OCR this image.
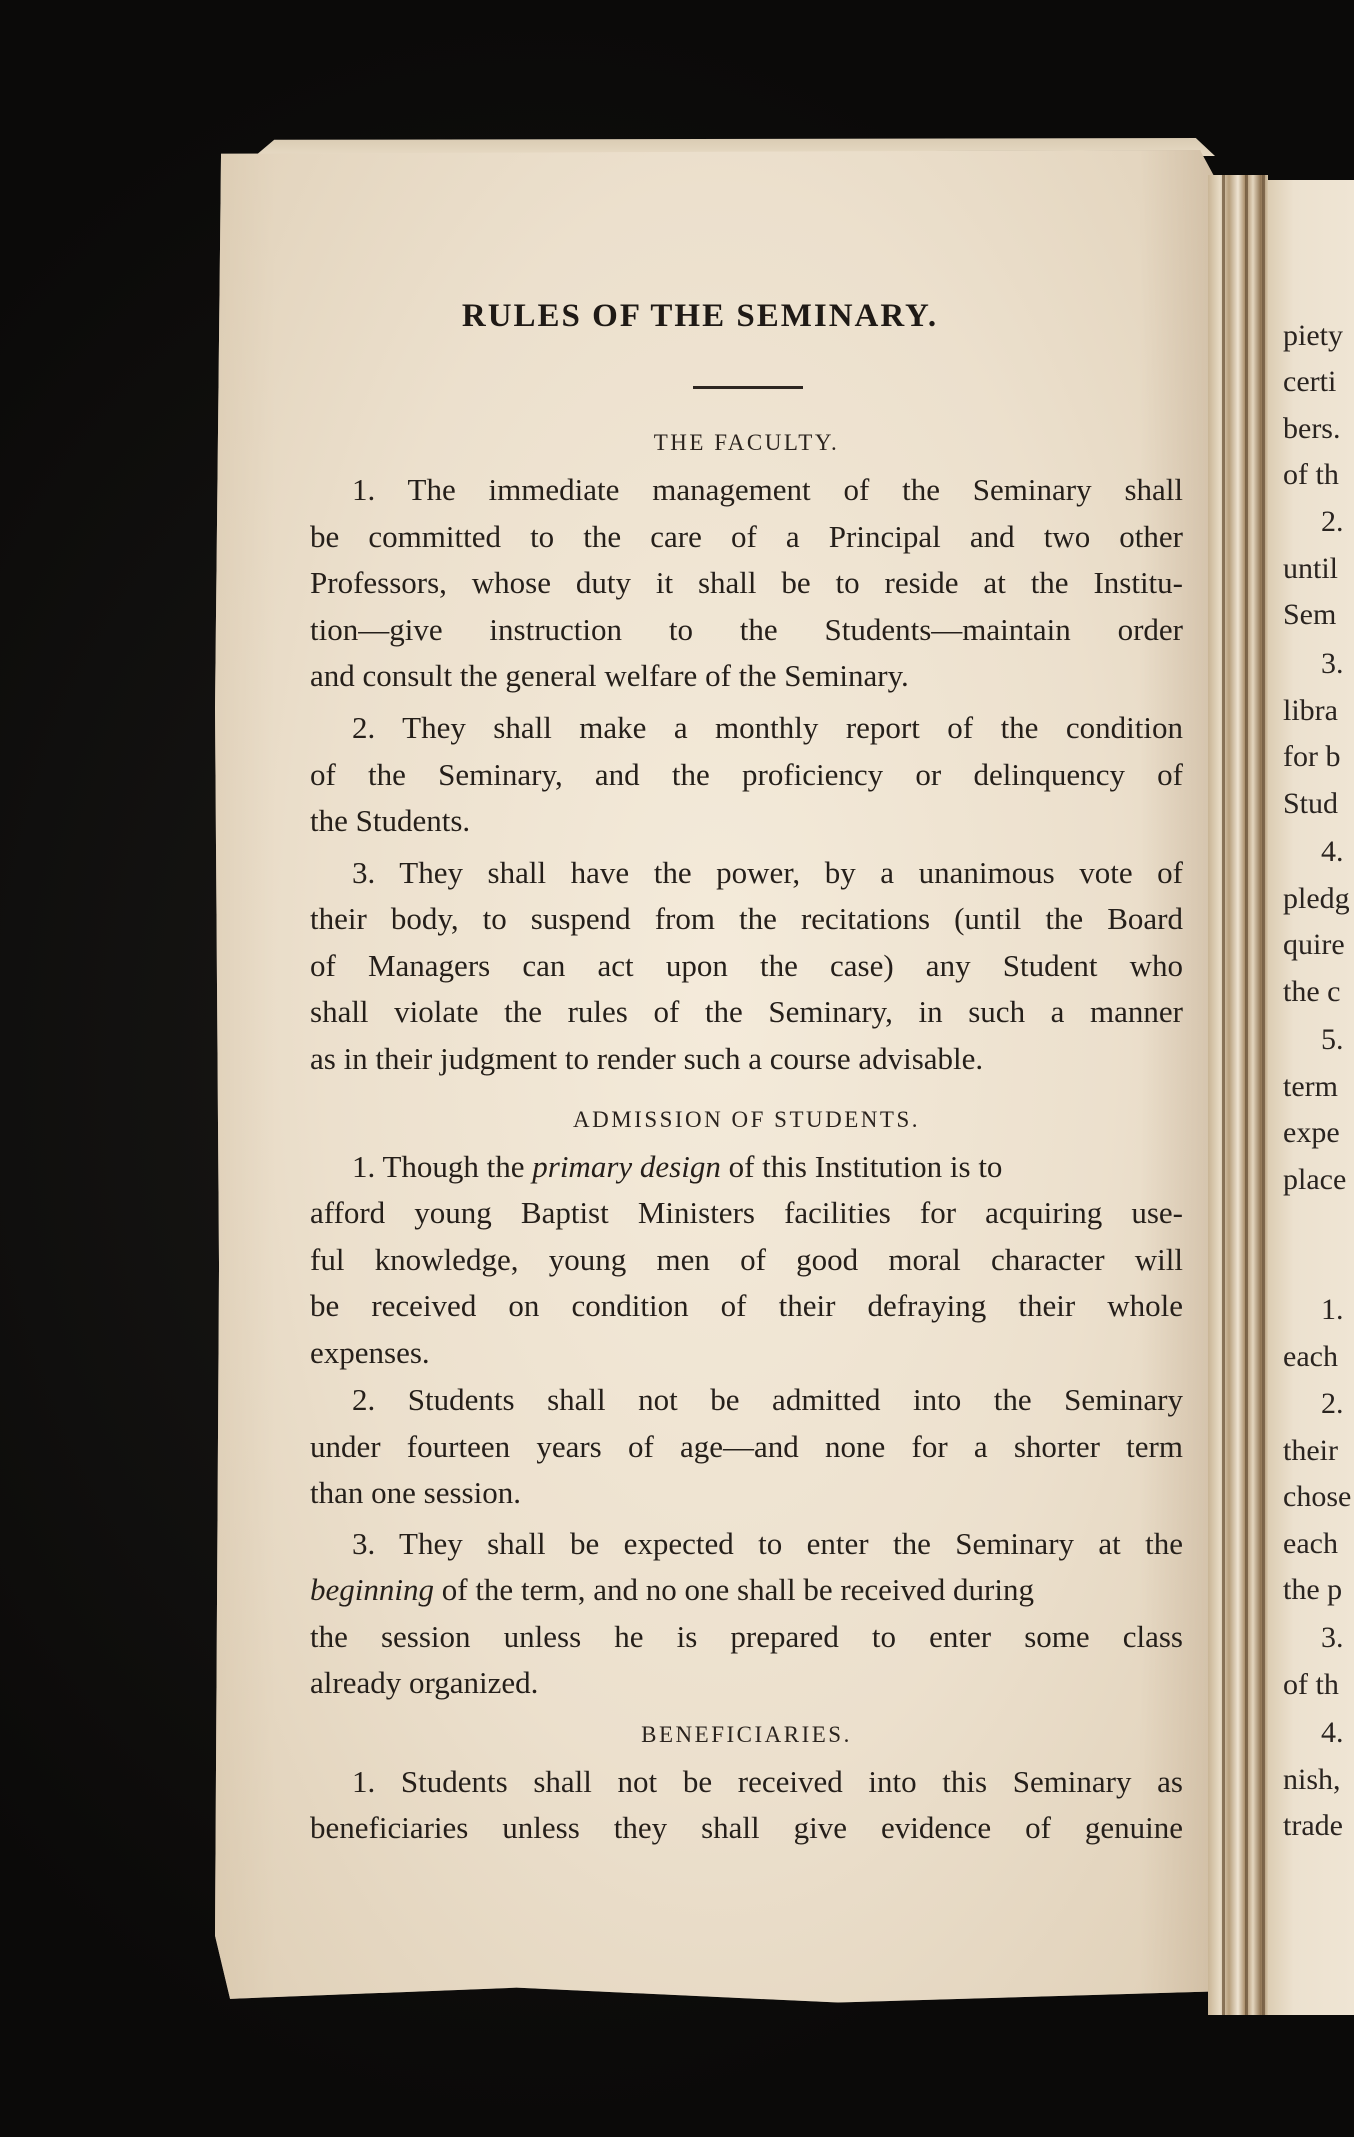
RULES OF THE SEMINARY.
THE FACULTY.
1. The immediate management of the Seminary shall
be committed to the care of a Principal and two other
Professors, whose duty it shall be to reside at the Institu-
tion—give instruction to the Students—maintain order
and consult the general welfare of the Seminary.
2. They shall make a monthly report of the condition
of the Seminary, and the proficiency or delinquency of
the Students.
3. They shall have the power, by a unanimous vote of
their body, to suspend from the recitations (until the Board
of Managers can act upon the case) any Student who
shall violate the rules of the Seminary, in such a manner
as in their judgment to render such a course advisable.
ADMISSION OF STUDENTS.
1. Though the primary design of this Institution is to
afford young Baptist Ministers facilities for acquiring use-
ful knowledge, young men of good moral character will
be received on condition of their defraying their whole
expenses.
2. Students shall not be admitted into the Seminary
under fourteen years of age—and none for a shorter term
than one session.
3. They shall be expected to enter the Seminary at the
beginning of the term, and no one shall be received during
the session unless he is prepared to enter some class
already organized.
BENEFICIARIES.
1. Students shall not be received into this Seminary as
beneficiaries unless they shall give evidence of genuine
piety
certi
bers.
of th
2.
until
Sem
3.
libra
for b
Stud
4.
pledg
quire
the c
5.
term
expe
place
1.
each
2.
their
chose
each
the p
3.
of th
4.
nish,
trade
